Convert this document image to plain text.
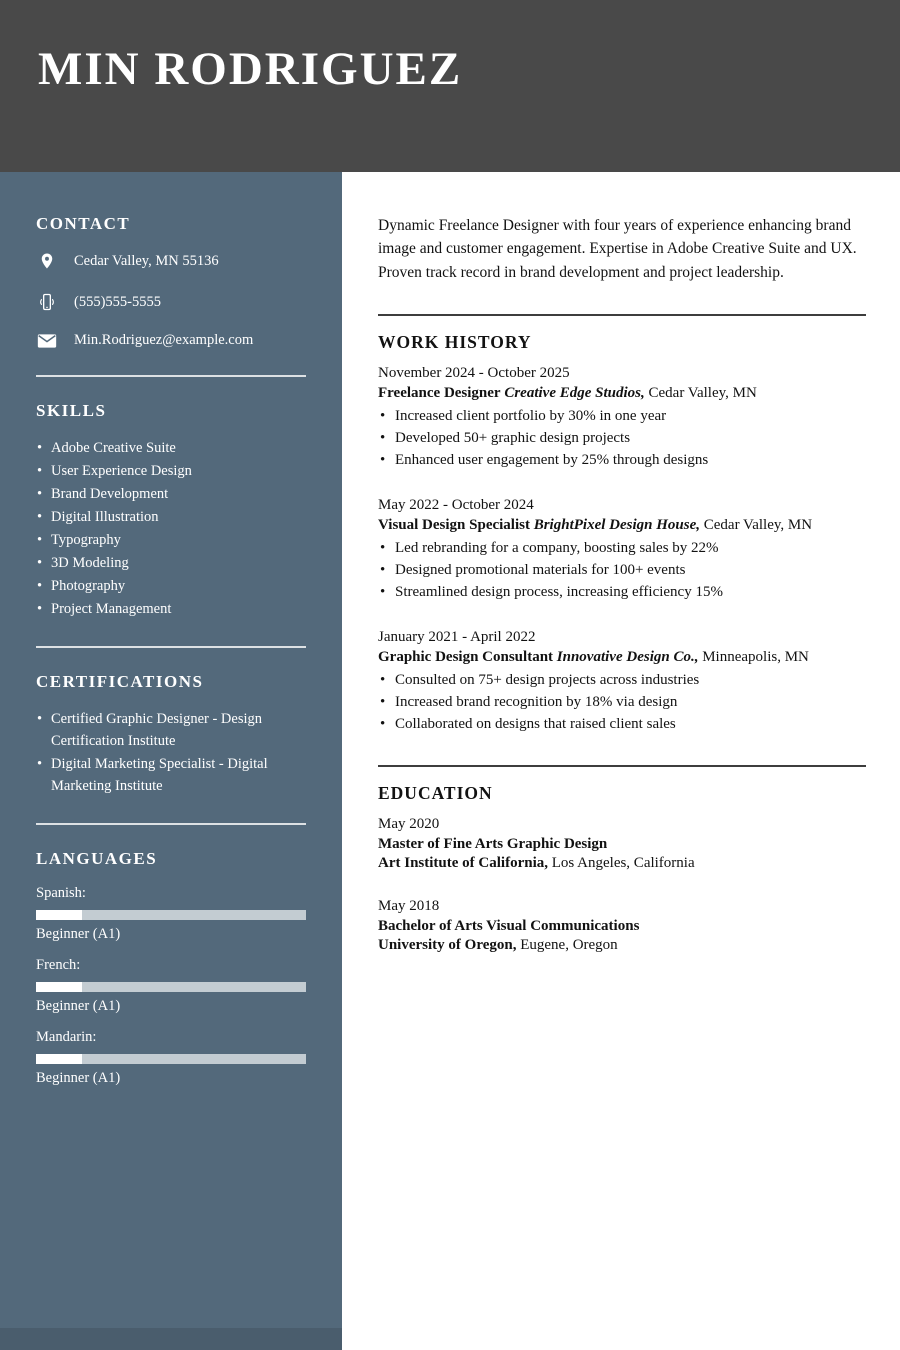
MIN RODRIGUEZ
CONTACT
Cedar Valley, MN 55136
(555)555-5555
Min.Rodriguez@example.com
SKILLS
• Adobe Creative Suite
• User Experience Design
• Brand Development
• Digital Illustration
• Typography
• 3D Modeling
• Photography
• Project Management
CERTIFICATIONS
• Certified Graphic Designer - Design Certification Institute
• Digital Marketing Specialist - Digital Marketing Institute
LANGUAGES
Spanish:
Beginner (A1)
French:
Beginner (A1)
Mandarin:
Beginner (A1)

Dynamic Freelance Designer with four years of experience enhancing brand image and customer engagement. Expertise in Adobe Creative Suite and UX. Proven track record in brand development and project leadership.

WORK HISTORY
November 2024 - October 2025
Freelance Designer Creative Edge Studios, Cedar Valley, MN
• Increased client portfolio by 30% in one year
• Developed 50+ graphic design projects
• Enhanced user engagement by 25% through designs
May 2022 - October 2024
Visual Design Specialist BrightPixel Design House, Cedar Valley, MN
• Led rebranding for a company, boosting sales by 22%
• Designed promotional materials for 100+ events
• Streamlined design process, increasing efficiency 15%
January 2021 - April 2022
Graphic Design Consultant Innovative Design Co., Minneapolis, MN
• Consulted on 75+ design projects across industries
• Increased brand recognition by 18% via design
• Collaborated on designs that raised client sales
EDUCATION
May 2020
Master of Fine Arts Graphic Design
Art Institute of California, Los Angeles, California
May 2018
Bachelor of Arts Visual Communications
University of Oregon, Eugene, Oregon
